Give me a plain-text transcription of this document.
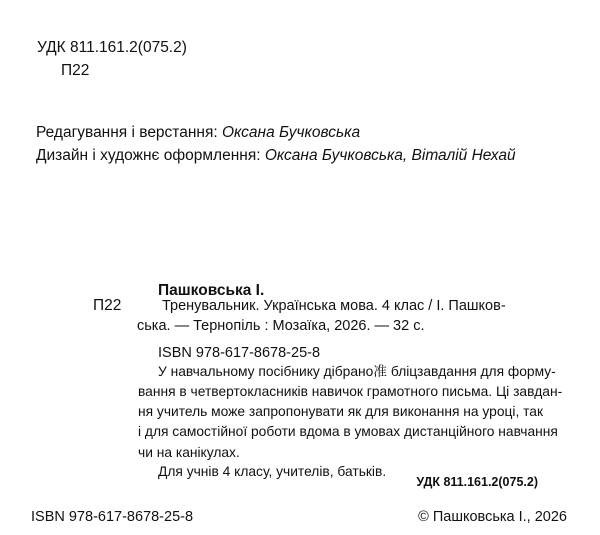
УДК 811.161.2(075.2)
П22
Редагування і верстання: Оксана Бучковська
Дизайн і художнє оформлення: Оксана Бучковська, Віталій Нехай
Пашковська І.
П22	Тренувальник. Українська мова. 4 клас / І. Пашков-
ська. — Тернопіль : Мозаїка, 2026. — 32 с.
ISBN 978-617-8678-25-8
У навчальному посібнику дібрано准 бліцзавдання для форму-
вання в четвертокласників навичок грамотного письма. Ці завдан-
ня учитель може запропонувати як для виконання на уроці, так
і для самостійної роботи вдома в умовах дистанційного навчання
чи на канікулах.
Для учнів 4 класу, учителів, батьків.
УДК 811.161.2(075.2)
ISBN 978-617-8678-25-8	© Пашковська І., 2026
